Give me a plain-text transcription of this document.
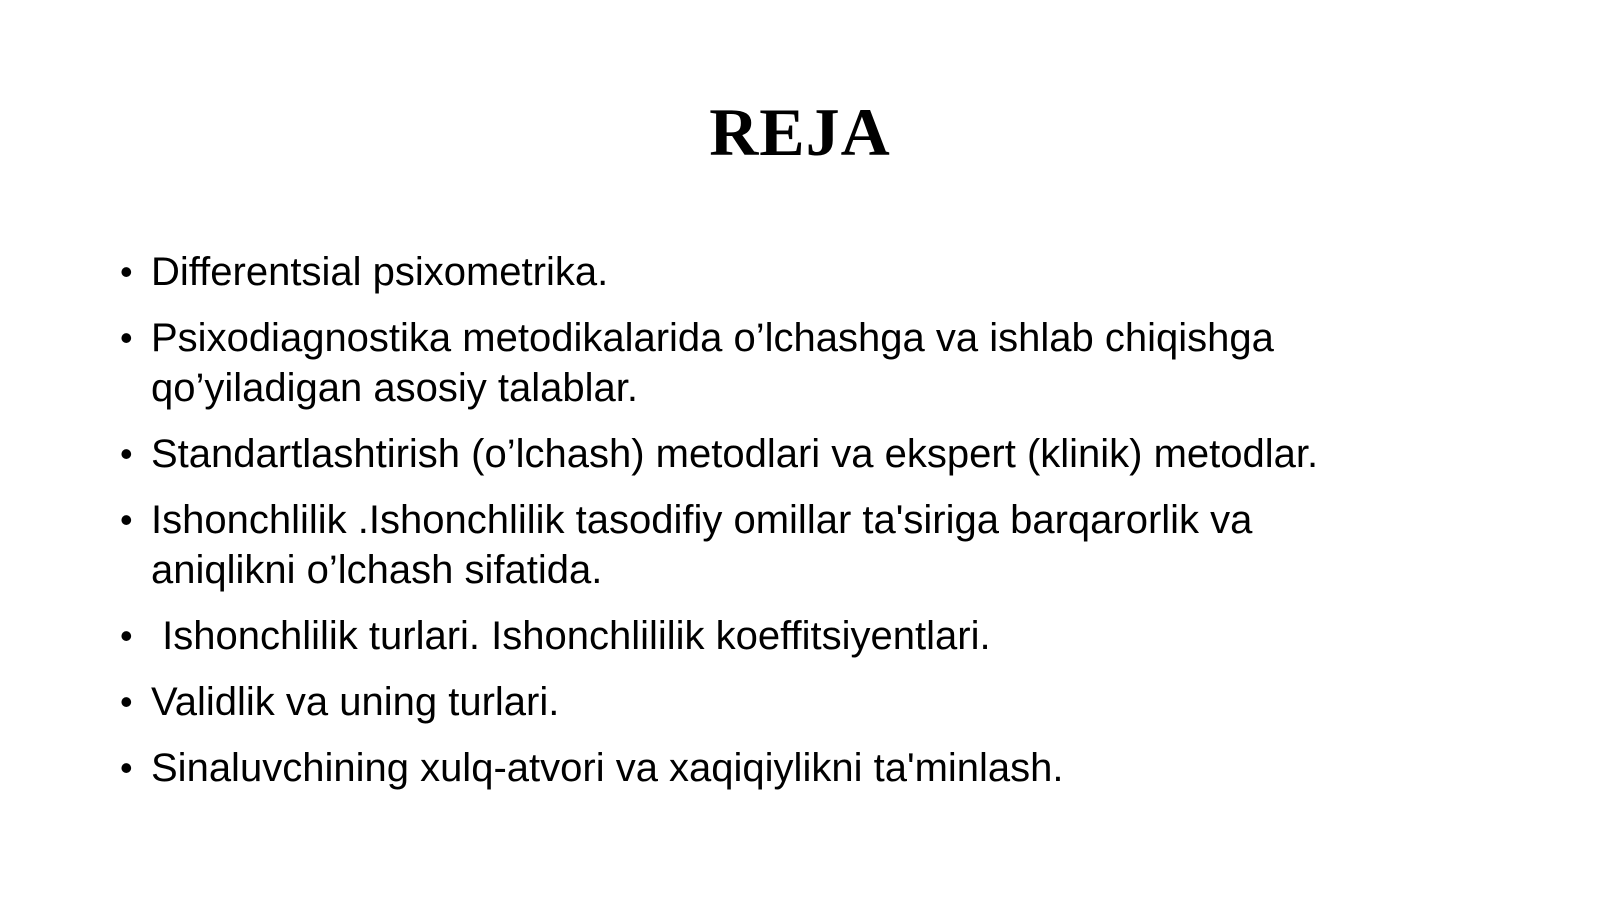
REJA
• Differentsial psixometrika.
• Psixodiagnostika metodikalarida o’lchashga va ishlab chiqishga
qo’yiladigan asosiy talablar.
• Standartlashtirish (o’lchash) metodlari va ekspert (klinik) metodlar.
• Ishonchlilik .Ishonchlilik tasodifiy omillar ta'siriga barqarorlik va
aniqlikni o’lchash sifatida.
• Ishonchlilik turlari. Ishonchlililik koeffitsiyentlari.
• Validlik va uning turlari.
• Sinaluvchining xulq-atvori va xaqiqiylikni ta'minlash.
